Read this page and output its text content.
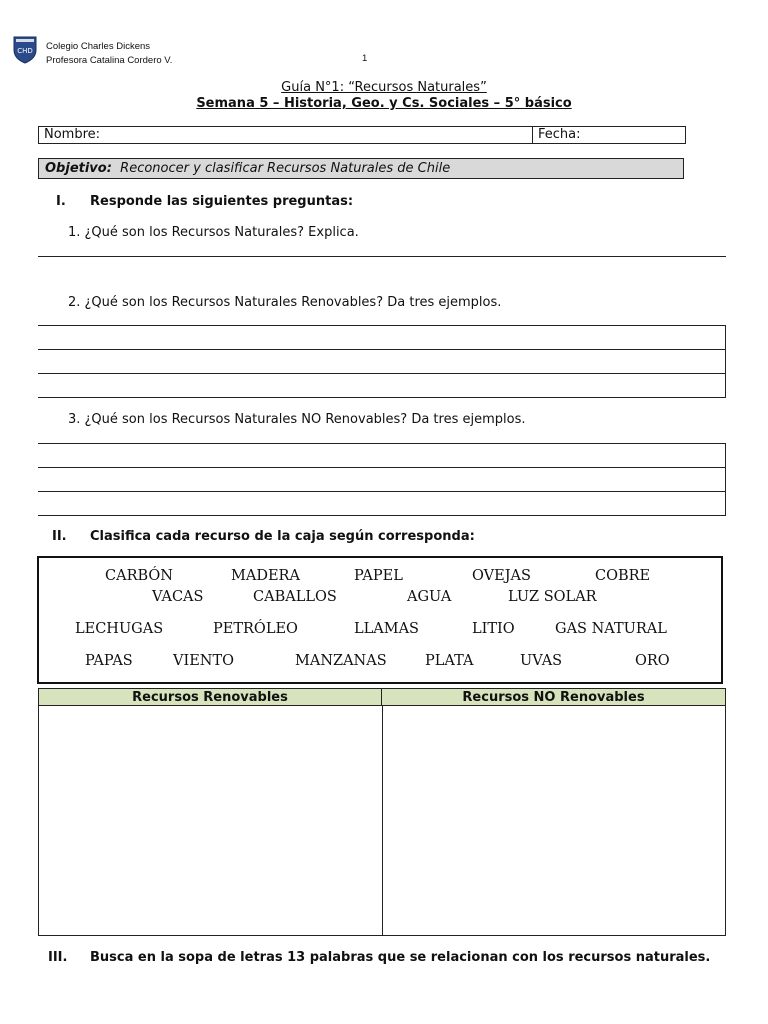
CHD Colegio Charles Dickens
Profesora Catalina Cordero V.	1
Guía N°1: “Recursos Naturales”
Semana 5 – Historia, Geo. y Cs. Sociales – 5° básico
Nombre:	Fecha:
Objetivo: Reconocer y clasificar Recursos Naturales de Chile
I. Responde las siguientes preguntas:
1. ¿Qué son los Recursos Naturales? Explica.
2. ¿Qué son los Recursos Naturales Renovables? Da tres ejemplos.
3. ¿Qué son los Recursos Naturales NO Renovables? Da tres ejemplos.
II. Clasifica cada recurso de la caja según corresponda:
CARBÓN	MADERA	PAPEL	OVEJAS	COBRE
VACAS	CABALLOS	AGUA	LUZ SOLAR
LECHUGAS	PETRÓLEO	LLAMAS	LITIO	GAS NATURAL
PAPAS	VIENTO	MANZANAS	PLATA	UVAS	ORO
Recursos Renovables	Recursos NO Renovables
III. Busca en la sopa de letras 13 palabras que se relacionan con los recursos naturales.
